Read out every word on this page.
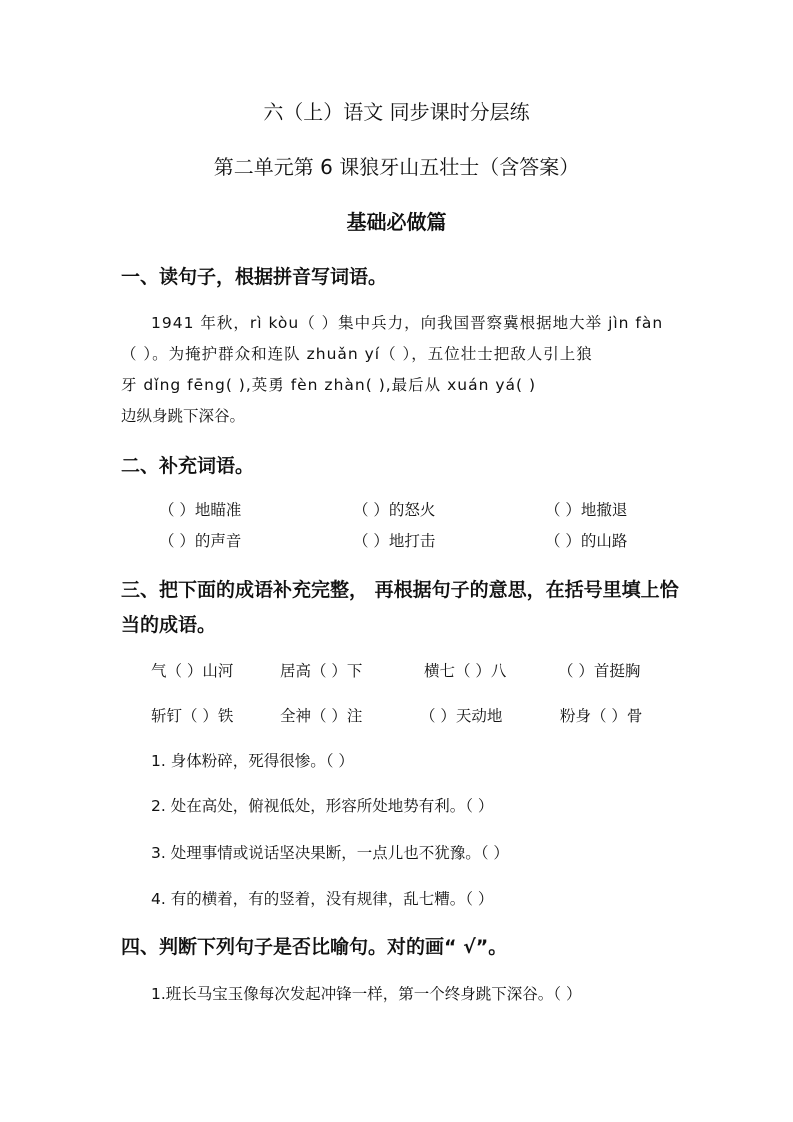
六（上）语文 同步课时分层练
第二单元第 6 课狼牙山五壮士（含答案）
基础必做篇
一、读句子，根据拼音写词语。
1941 年秋，rì kòu（ ）集中兵力，向我国晋察冀根据地大举 jìn fàn
（ ）。为掩护群众和连队 zhuǎn yí（ ），五位壮士把敌人引上狼
牙 dǐng fēng( ),英勇 fèn zhàn( ),最后从 xuán yá( )
边纵身跳下深谷。
二、补充词语。
（ ）地瞄准	（ ）的怒火	（ ）地撤退
（ ）的声音	（ ）地打击	（ ）的山路
三、把下面的成语补充完整， 再根据句子的意思，在括号里填上恰
当的成语。
气（ ）山河	居高（ ）下	横七（ ）八	（ ）首挺胸
斩钉（ ）铁	全神（ ）注	（ ）天动地	粉身（ ）骨
1. 身体粉碎，死得很惨。（ ）
2. 处在高处，俯视低处，形容所处地势有利。（ ）
3. 处理事情或说话坚决果断，一点儿也不犹豫。（ ）
4. 有的横着，有的竖着，没有规律，乱七糟。（ ）
四、判断下列句子是否比喻句。对的画“ √”。
1.班长马宝玉像每次发起冲锋一样，第一个终身跳下深谷。（ ）
